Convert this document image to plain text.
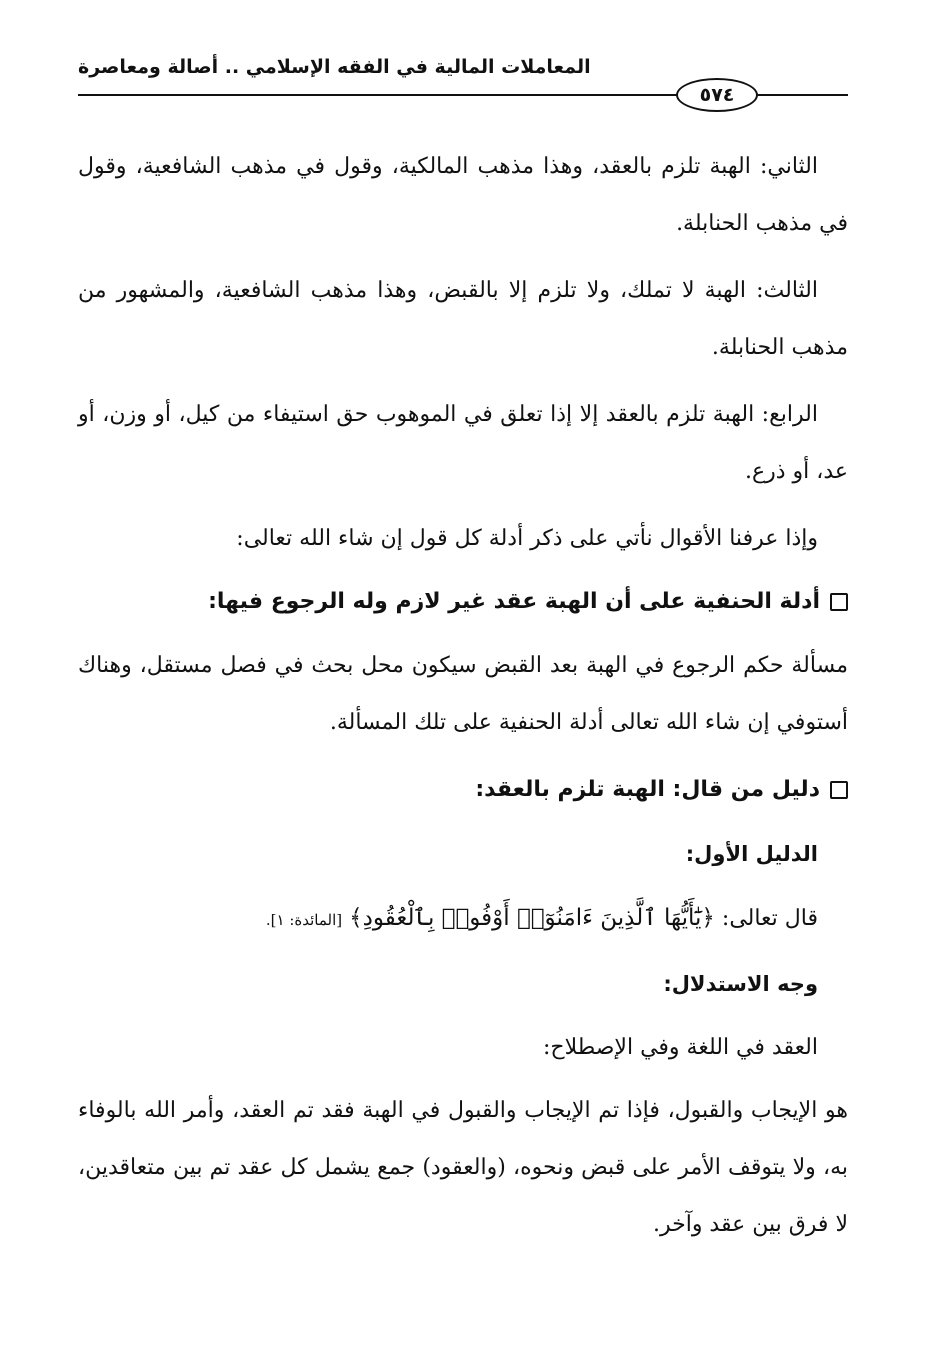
المعاملات المالية في الفقه الإسلامي .. أصالة ومعاصرة
٥٧٤

الثاني: الهبة تلزم بالعقد، وهذا مذهب المالكية، وقول في مذهب الشافعية، وقول في مذهب الحنابلة.

الثالث: الهبة لا تملك، ولا تلزم إلا بالقبض، وهذا مذهب الشافعية، والمشهور من مذهب الحنابلة.

الرابع: الهبة تلزم بالعقد إلا إذا تعلق في الموهوب حق استيفاء من كيل، أو وزن، أو عد، أو ذرع.

وإذا عرفنا الأقوال نأتي على ذكر أدلة كل قول إن شاء الله تعالى:

أدلة الحنفية على أن الهبة عقد غير لازم وله الرجوع فيها:

مسألة حكم الرجوع في الهبة بعد القبض سيكون محل بحث في فصل مستقل، وهناك أستوفي إن شاء الله تعالى أدلة الحنفية على تلك المسألة.

دليل من قال: الهبة تلزم بالعقد:
الدليل الأول:
قال تعالى: ﴿يَٰٓأَيُّهَا ٱلَّذِينَ ءَامَنُوٓا۟ أَوْفُوا۟ بِٱلْعُقُودِ﴾ [المائدة: ١].
وجه الاستدلال:

العقد في اللغة وفي الإصطلاح:

هو الإيجاب والقبول، فإذا تم الإيجاب والقبول في الهبة فقد تم العقد، وأمر الله بالوفاء به، ولا يتوقف الأمر على قبض ونحوه، (والعقود) جمع يشمل كل عقد تم بين متعاقدين، لا فرق بين عقد وآخر.
